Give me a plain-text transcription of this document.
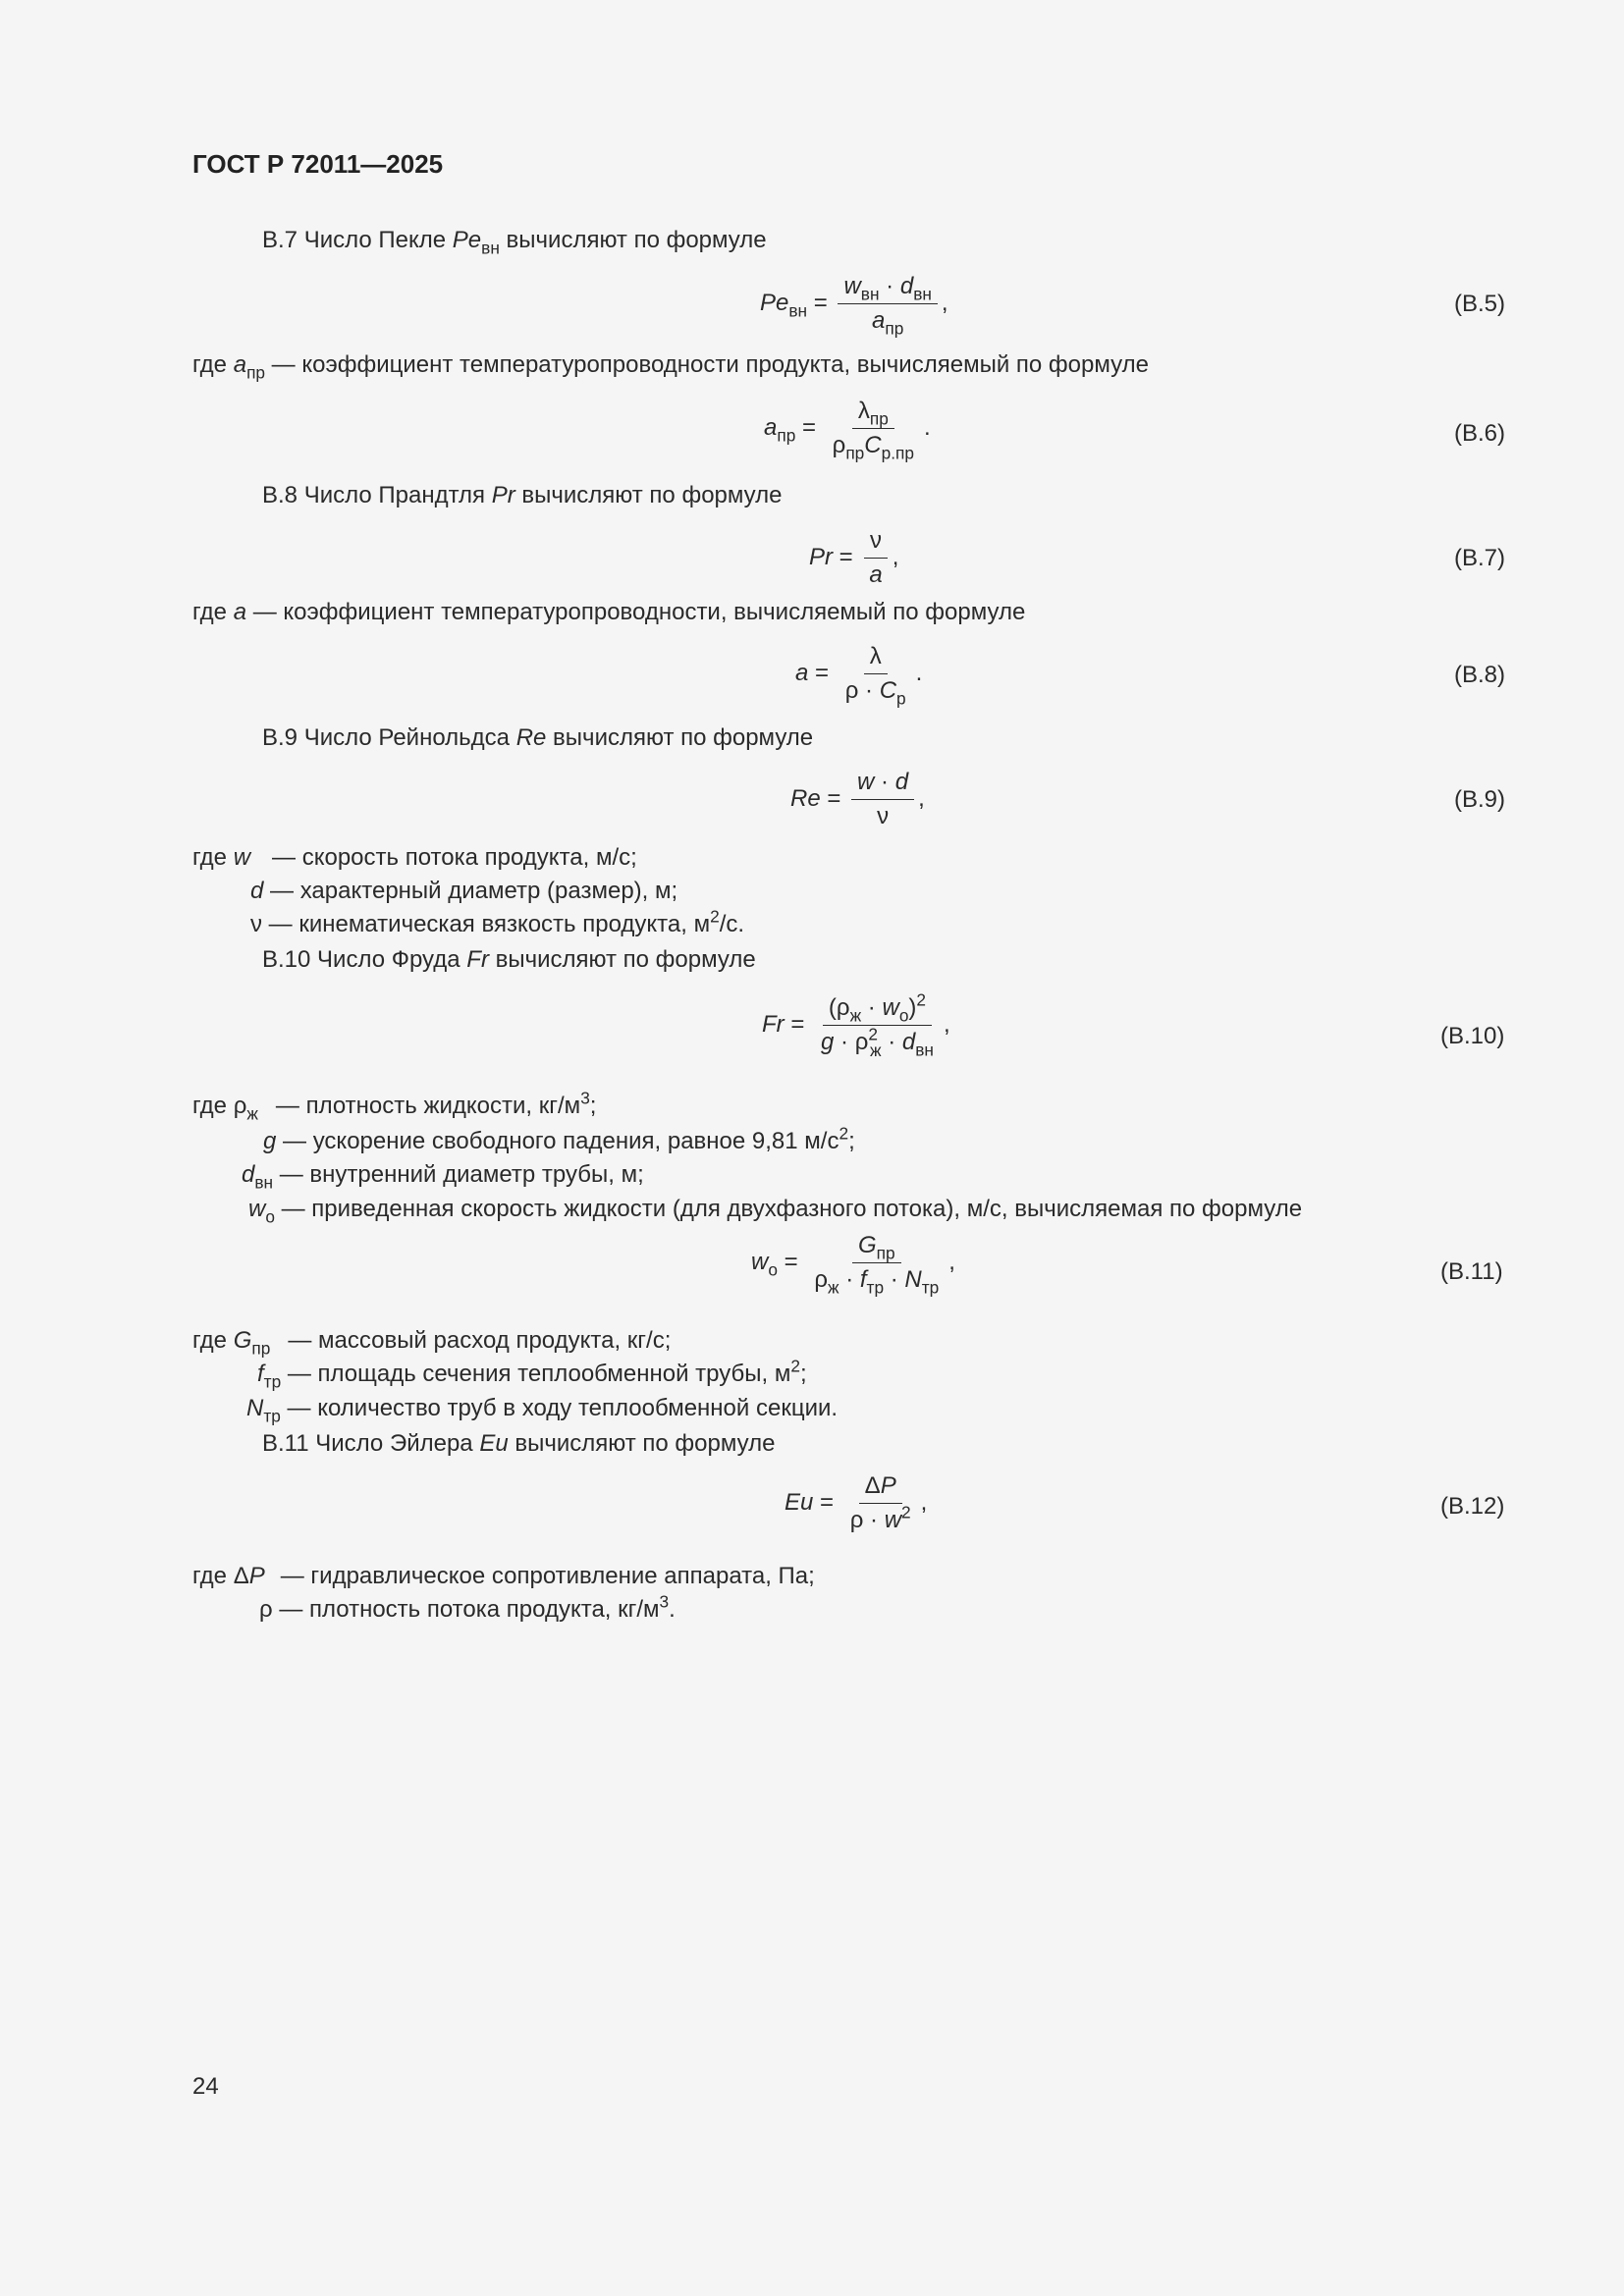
ГОСТ Р 72011—2025
В.7 Число Пекле $Pe_{вн}$ вычисляют по формуле
$Pe_{вн} = \frac{w_{вн} \cdot d_{вн}}{a_{пр}}$ ,	(В.5)
где $a_{пр}$ — коэффициент температуропроводности продукта, вычисляемый по формуле
$a_{пр} = \frac{\lambda_{пр}}{\rho_{пр}C_{р.пр}}$ .	(В.6)
В.8 Число Прандтля Pr вычисляют по формуле
$Pr = \frac{\nu}{a}$ ,	(В.7)
где a — коэффициент температуропроводности, вычисляемый по формуле
$a = \frac{\lambda}{\rho \cdot C_р}$ .	(В.8)
В.9 Число Рейнольдса Re вычисляют по формуле
$Re = \frac{w \cdot d}{\nu}$ ,	(В.9)
где w — скорость потока продукта, м/с;
d — характерный диаметр (размер), м;
ν — кинематическая вязкость продукта, $м^2/с$.
В.10 Число Фруда Fr вычисляют по формуле
$Fr = \frac{(\rho_ж \cdot w_о)^2}{g \cdot \rho^2_ж \cdot d_{вн}}$ ,	(В.10)
где $\rho_ж$ — плотность жидкости, $кг/м^3$;
g — ускорение свободного падения, равное 9,81 $м/с^2$;
$d_{вн}$ — внутренний диаметр трубы, м;
$w_о$ — приведенная скорость жидкости (для двухфазного потока), м/с, вычисляемая по формуле
$w_о = \frac{G_{пр}}{\rho_ж \cdot f_{тр} \cdot N_{тр}}$ ,	(В.11)
где $G_{пр}$ — массовый расход продукта, кг/с;
$f_{тр}$ — площадь сечения теплообменной трубы, $м^2$;
$N_{тр}$ — количество труб в ходу теплообменной секции.
В.11 Число Эйлера Eu вычисляют по формуле
$Eu = \frac{\Delta P}{\rho \cdot w^2}$ ,	(В.12)
где ΔP — гидравлическое сопротивление аппарата, Па;
ρ — плотность потока продукта, $кг/м^3$.
24
